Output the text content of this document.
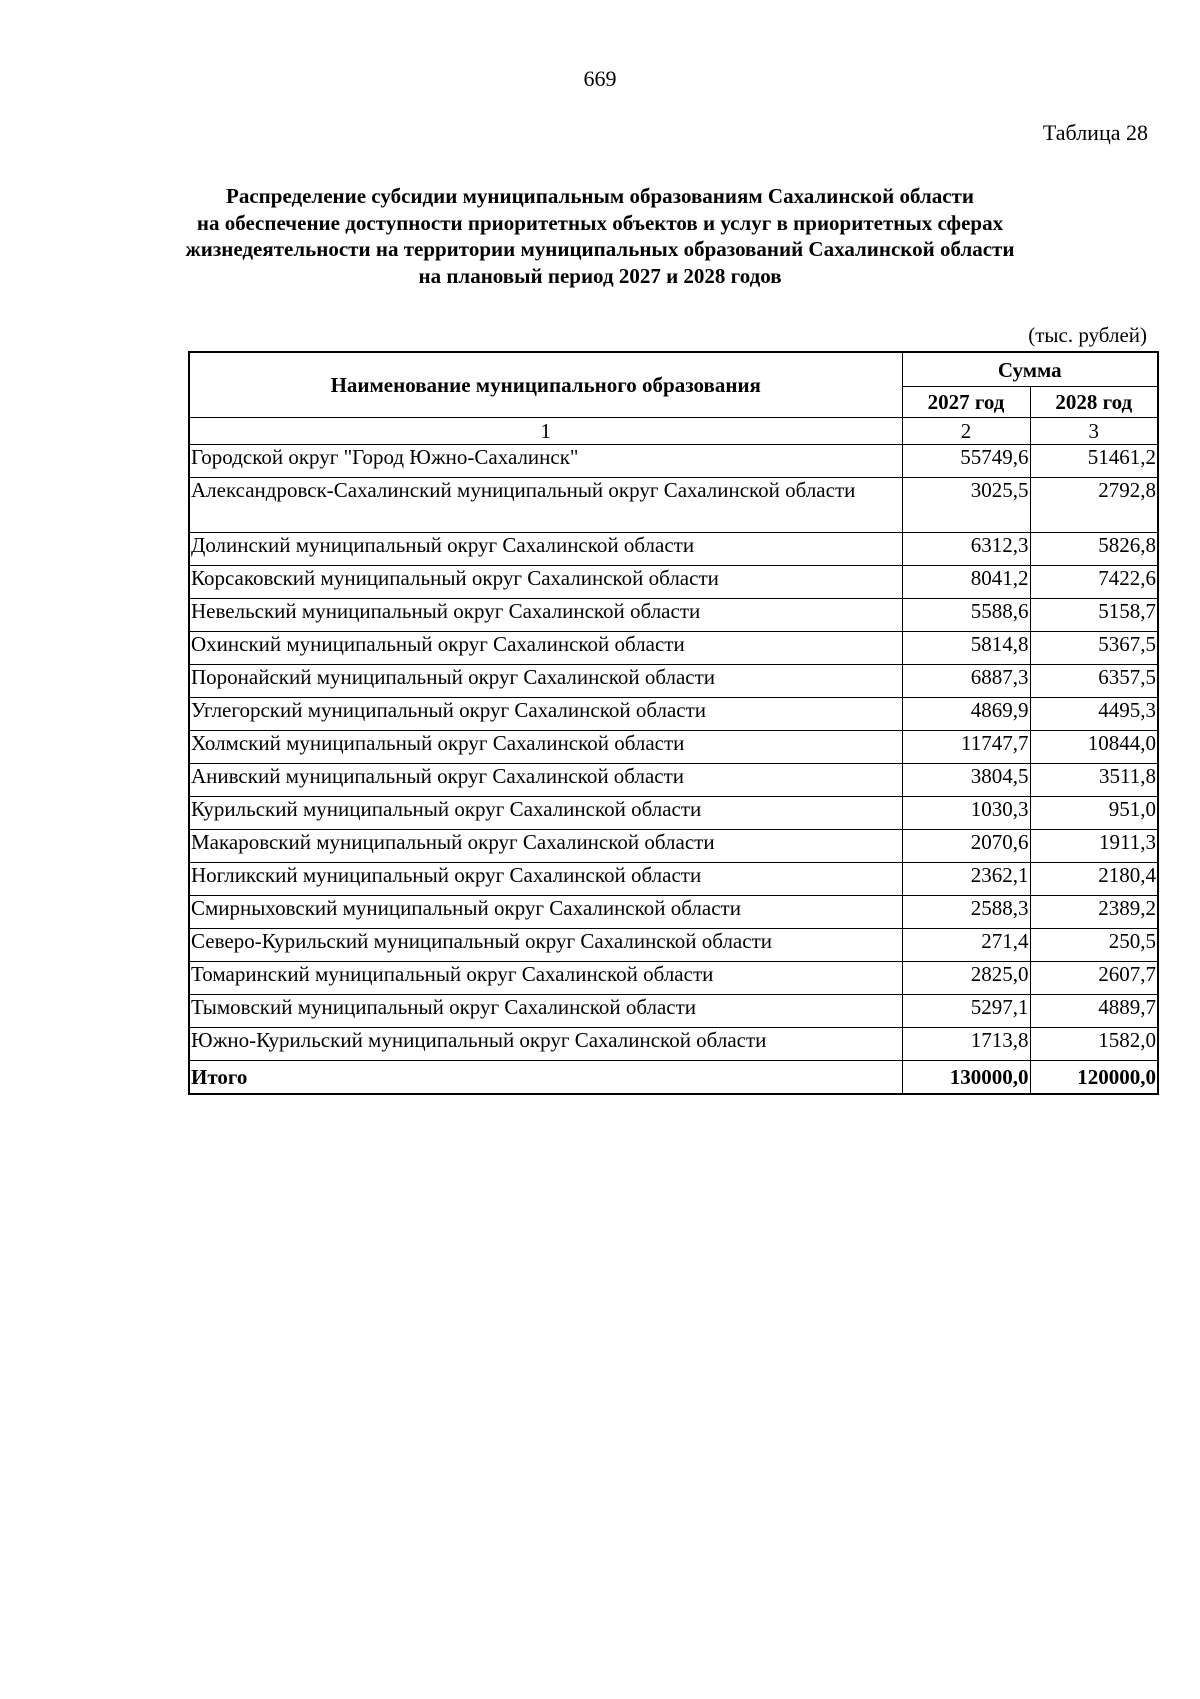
669
Таблица 28
Распределение субсидии муниципальным образованиям Сахалинской области
на обеспечение доступности приоритетных объектов и услуг в приоритетных сферах
жизнедеятельности на территории муниципальных образований Сахалинской области
на плановый период 2027 и 2028 годов
(тыс. рублей)
Наименование муниципального образования	Сумма	
	2027 год	2028 год
1	2	3
Городской округ "Город Южно-Сахалинск"	55749,6	51461,2
Александровск-Сахалинский муниципальный округ Сахалинской области	3025,5	2792,8
Долинский муниципальный округ Сахалинской области	6312,3	5826,8
Корсаковский муниципальный округ Сахалинской области	8041,2	7422,6
Невельский муниципальный округ Сахалинской области	5588,6	5158,7
Охинский муниципальный округ Сахалинской области	5814,8	5367,5
Поронайский муниципальный округ Сахалинской области	6887,3	6357,5
Углегорский муниципальный округ Сахалинской области	4869,9	4495,3
Холмский муниципальный округ Сахалинской области	11747,7	10844,0
Анивский муниципальный округ Сахалинской области	3804,5	3511,8
Курильский муниципальный округ Сахалинской области	1030,3	951,0
Макаровский муниципальный округ Сахалинской области	2070,6	1911,3
Ногликский муниципальный округ Сахалинской области	2362,1	2180,4
Смирныховский муниципальный округ Сахалинской области	2588,3	2389,2
Северо-Курильский муниципальный округ Сахалинской области	271,4	250,5
Томаринский муниципальный округ Сахалинской области	2825,0	2607,7
Тымовский муниципальный округ Сахалинской области	5297,1	4889,7
Южно-Курильский муниципальный округ Сахалинской области	1713,8	1582,0
Итого	130000,0	120000,0
